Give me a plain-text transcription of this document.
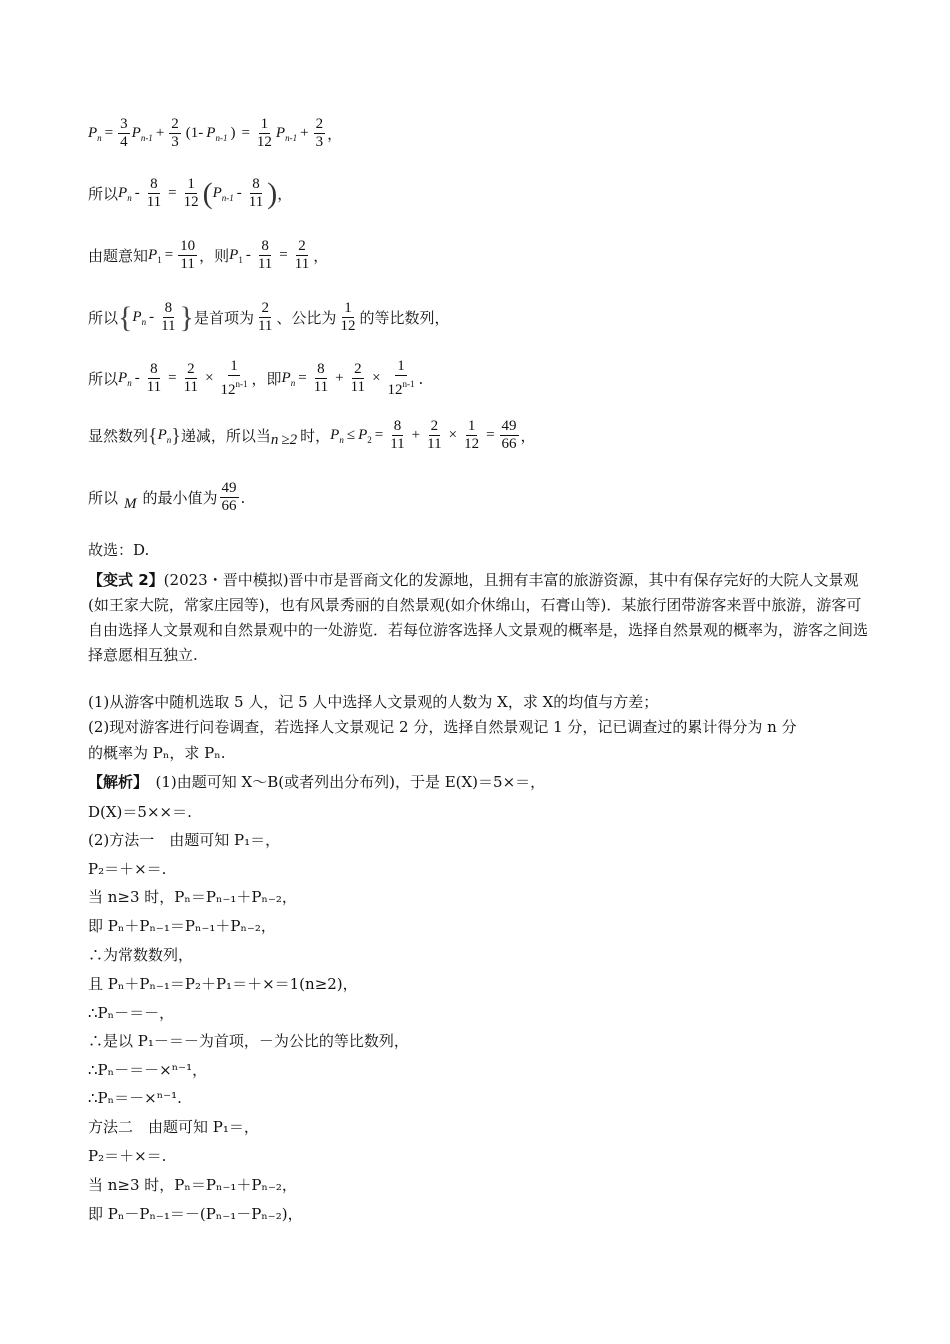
$P_n = \frac{3}{4} P_{n-1} + \frac{2}{3} (1-$ $P_{n-1}$ ) = $\frac{1}{12} P_{n-1} + \frac{2}{3}$ ，
所以 $P_n - \frac{8}{11} = \frac{1}{12}$ ( $P_{n-1} - \frac{8}{11}$ ) ，
由题意知 $P_1 = \frac{10}{11}$ ，则 $P_1 - \frac{8}{11} = \frac{2}{11}$ ，
所以 { $P_n - \frac{8}{11}$ } 是首项为 $\frac{2}{11}$ 、公比为 $\frac{1}{12}$ 的等比数列，
所以 $P_n - \frac{8}{11} = \frac{2}{11} \times \frac{1}{12^{n-1}}$ ，即 $P_n = \frac{8}{11} + \frac{2}{11} \times \frac{1}{12^{n-1}}$ .
显然数列 { $P_n$ } 递减，所以当 n ≥2 时， $P_n \le P_2 = \frac{8}{11} + \frac{2}{11} \times \frac{1}{12} = \frac{49}{66}$ ，
所以 M 的最小值为 $\frac{49}{66}$ .
故选：D.
【变式 2】(2023・晋中模拟)晋中市是晋商文化的发源地，且拥有丰富的旅游资源，其中有保存完好的大院人文景观(如王家大院，常家庄园等)，也有风景秀丽的自然景观(如介休绵山，石膏山等)．某旅行团带游客来晋中旅游，游客可自由选择人文景观和自然景观中的一处游览．若每位游客选择人文景观的概率是，选择自然景观的概率为，游客之间选择意愿相互独立.
(1)从游客中随机选取 5 人，记 5 人中选择人文景观的人数为 X，求 X的均值与方差；
(2)现对游客进行问卷调查，若选择人文景观记 2 分，选择自然景观记 1 分，记已调查过的累计得分为 n 分
的概率为 Pₙ，求 Pₙ.
【解析】　(1)由题可知 X～B(或者列出分布列)，于是 E(X)＝5×＝，
D(X)＝5××＝.
(2)方法一　由题可知 P₁＝，
P₂＝＋×＝.
当 n≥3 时，Pₙ＝Pₙ₋₁＋Pₙ₋₂，
即 Pₙ＋Pₙ₋₁＝Pₙ₋₁＋Pₙ₋₂，
∴为常数数列，
且 Pₙ＋Pₙ₋₁＝P₂＋P₁＝＋×＝1(n≥2)，
∴Pₙ－＝－，
∴是以 P₁－＝－为首项，－为公比的等比数列，
∴Pₙ－＝－×ⁿ⁻¹，
∴Pₙ＝－×ⁿ⁻¹.
方法二　由题可知 P₁＝，
P₂＝＋×＝.
当 n≥3 时，Pₙ＝Pₙ₋₁＋Pₙ₋₂，
即 Pₙ－Pₙ₋₁＝－(Pₙ₋₁－Pₙ₋₂)，
